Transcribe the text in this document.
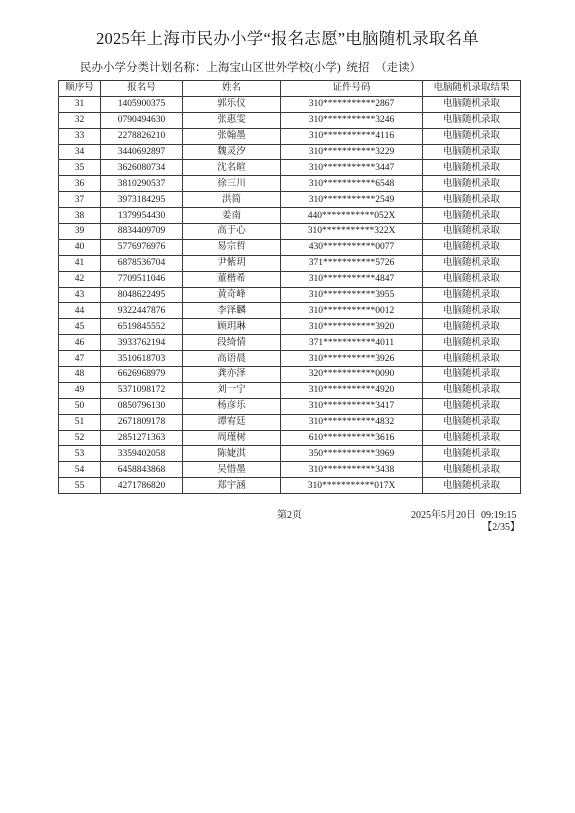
2025年上海市民办小学“报名志愿”电脑随机录取名单
民办小学分类计划名称：上海宝山区世外学校(小学) 统招 （走读）
顺序号	报名号	姓名	证件号码	电脑随机录取结果
31	1405900375	郭乐仪	310***********2867	电脑随机录取
32	0790494630	张惠雯	310***********3246	电脑随机录取
33	2278826210	张翰墨	310***********4116	电脑随机录取
34	3440692897	魏灵汐	310***********3229	电脑随机录取
35	3626080734	沈名暄	310***********3447	电脑随机录取
36	3810290537	徐三川	310***********6548	电脑随机录取
37	3973184295	洪简	310***********2549	电脑随机录取
38	1379954430	姜南	440***********052X	电脑随机录取
39	8834409709	高于心	310***********322X	电脑随机录取
40	5776976976	易宗哲	430***********0077	电脑随机录取
41	6878536704	尹紫玥	371***********5726	电脑随机录取
42	7709511046	董楷希	310***********4847	电脑随机录取
43	8048622495	黄奇峰	310***********3955	电脑随机录取
44	9322447876	李泽麟	310***********0012	电脑随机录取
45	6519845552	顾玥琳	310***********3920	电脑随机录取
46	3933762194	段绮情	371***********4011	电脑随机录取
47	3510618703	高语晨	310***********3926	电脑随机录取
48	6626968979	龚亦泽	320***********0090	电脑随机录取
49	5371098172	刘一宁	310***********4920	电脑随机录取
50	0850796130	杨彦乐	310***********3417	电脑随机录取
51	2671809178	谭宥廷	310***********4832	电脑随机录取
52	2851271363	周瑾树	610***********3616	电脑随机录取
53	3359402058	陈婕淇	350***********3969	电脑随机录取
54	6458843868	吴惜墨	310***********3438	电脑随机录取
55	4271786820	郑宇涵	310***********017X	电脑随机录取
第2页	2025年5月20日  09:19:15
【2/35】
